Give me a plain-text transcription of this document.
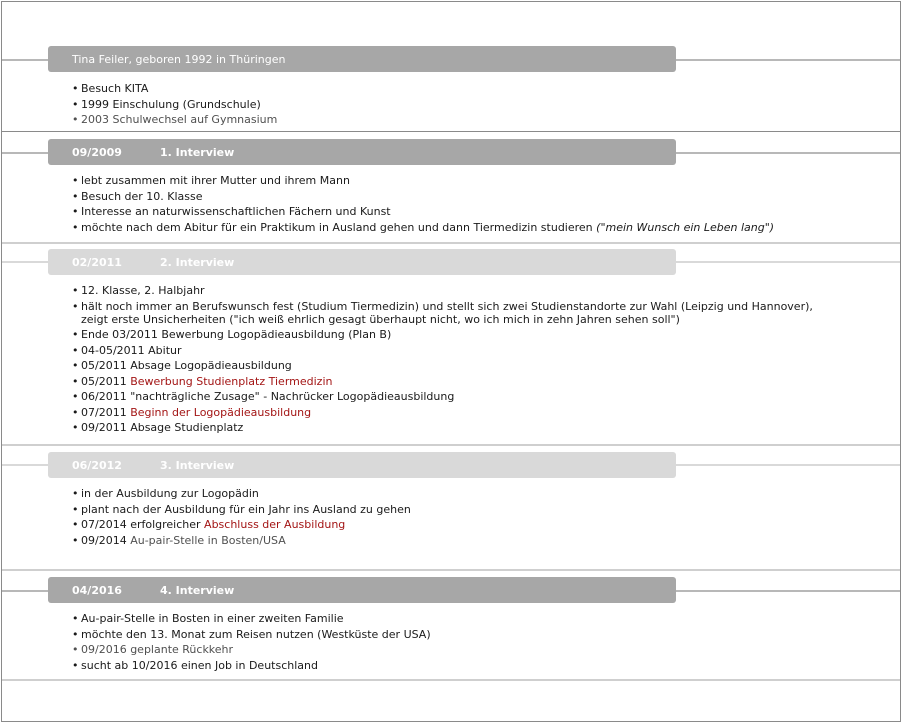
Tina Feiler, geboren 1992 in Thüringen
• Besuch KITA
• 1999 Einschulung (Grundschule)
• 2003 Schulwechsel auf Gymnasium
09/2009	1. Interview
• lebt zusammen mit ihrer Mutter und ihrem Mann
• Besuch der 10. Klasse
• Interesse an naturwissenschaftlichen Fächern und Kunst
• möchte nach dem Abitur für ein Praktikum in Ausland gehen und dann Tiermedizin studieren ("mein Wunsch ein Leben lang")
02/2011	2. Interview
• 12. Klasse, 2. Halbjahr
• hält noch immer an Berufswunsch fest (Studium Tiermedizin) und stellt sich zwei Studienstandorte zur Wahl (Leipzig und Hannover), zeigt erste Unsicherheiten ("ich weiß ehrlich gesagt überhaupt nicht, wo ich mich in zehn Jahren sehen soll")
• Ende 03/2011 Bewerbung Logopädieausbildung (Plan B)
• 04-05/2011 Abitur
• 05/2011 Absage Logopädieausbildung
• 05/2011 Bewerbung Studienplatz Tiermedizin
• 06/2011 "nachträgliche Zusage" - Nachrücker Logopädieausbildung
• 07/2011 Beginn der Logopädieausbildung
• 09/2011 Absage Studienplatz
06/2012	3. Interview
• in der Ausbildung zur Logopädin
• plant nach der Ausbildung für ein Jahr ins Ausland zu gehen
• 07/2014 erfolgreicher Abschluss der Ausbildung
• 09/2014 Au-pair-Stelle in Bosten/USA
04/2016	4. Interview
• Au-pair-Stelle in Bosten in einer zweiten Familie
• möchte den 13. Monat zum Reisen nutzen (Westküste der USA)
• 09/2016 geplante Rückkehr
• sucht ab 10/2016 einen Job in Deutschland
